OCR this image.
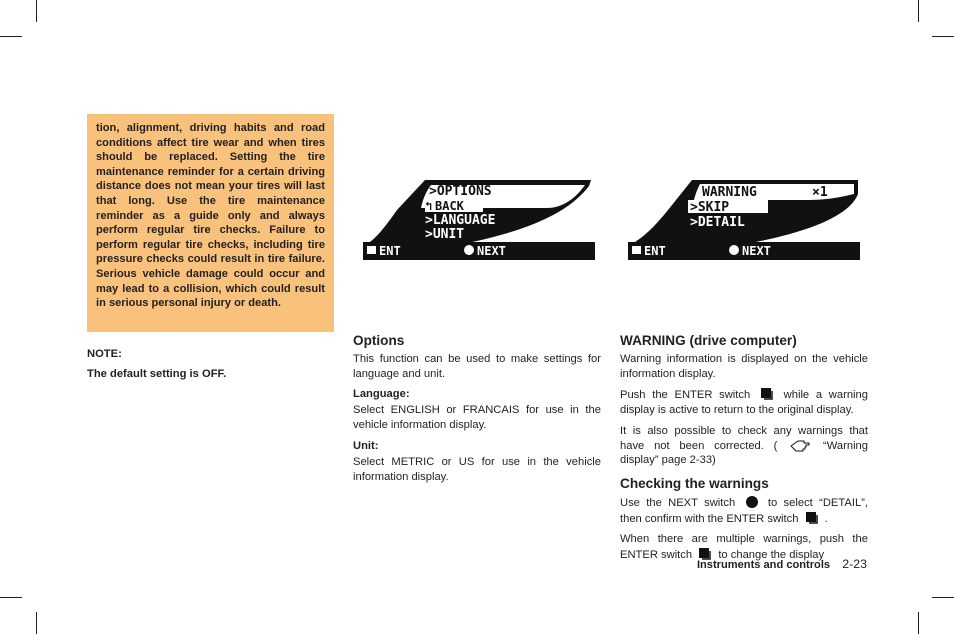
tion, alignment, driving habits and road conditions affect tire wear and when tires should be replaced. Setting the tire maintenance reminder for a certain driving distance does not mean your tires will last that long. Use the tire maintenance reminder as a guide only and always perform regular tire checks. Failure to perform regular tire checks, including tire pressure checks could result in tire failure. Serious vehicle damage could occur and may lead to a collision, which could result in serious personal injury or death.

NOTE:
The default setting is OFF.
>OPTIONS
BACK
↰
>LANGUAGE
>UNIT
ENT	NEXT
WARNING	×1
>SKIP
>DETAIL
ENT	NEXT
Options

This function can be used to make settings for language and unit.

Language:

Select ENGLISH or FRANCAIS for use in the vehicle information display.

Unit:

Select METRIC or US for use in the vehicle information display.

WARNING (drive computer)

Warning information is displayed on the vehicle information display.

Push the ENTER switch	while a warning display is active to return to the original display.

It is also possible to check any warnings that have not been corrected. (	“Warning display” page 2-33)

Checking the warnings

Use the NEXT switch	to select “DETAIL”, then confirm with the ENTER switch .

When there are multiple warnings, push the ENTER switch to change the display

Instruments and controls 2-23
